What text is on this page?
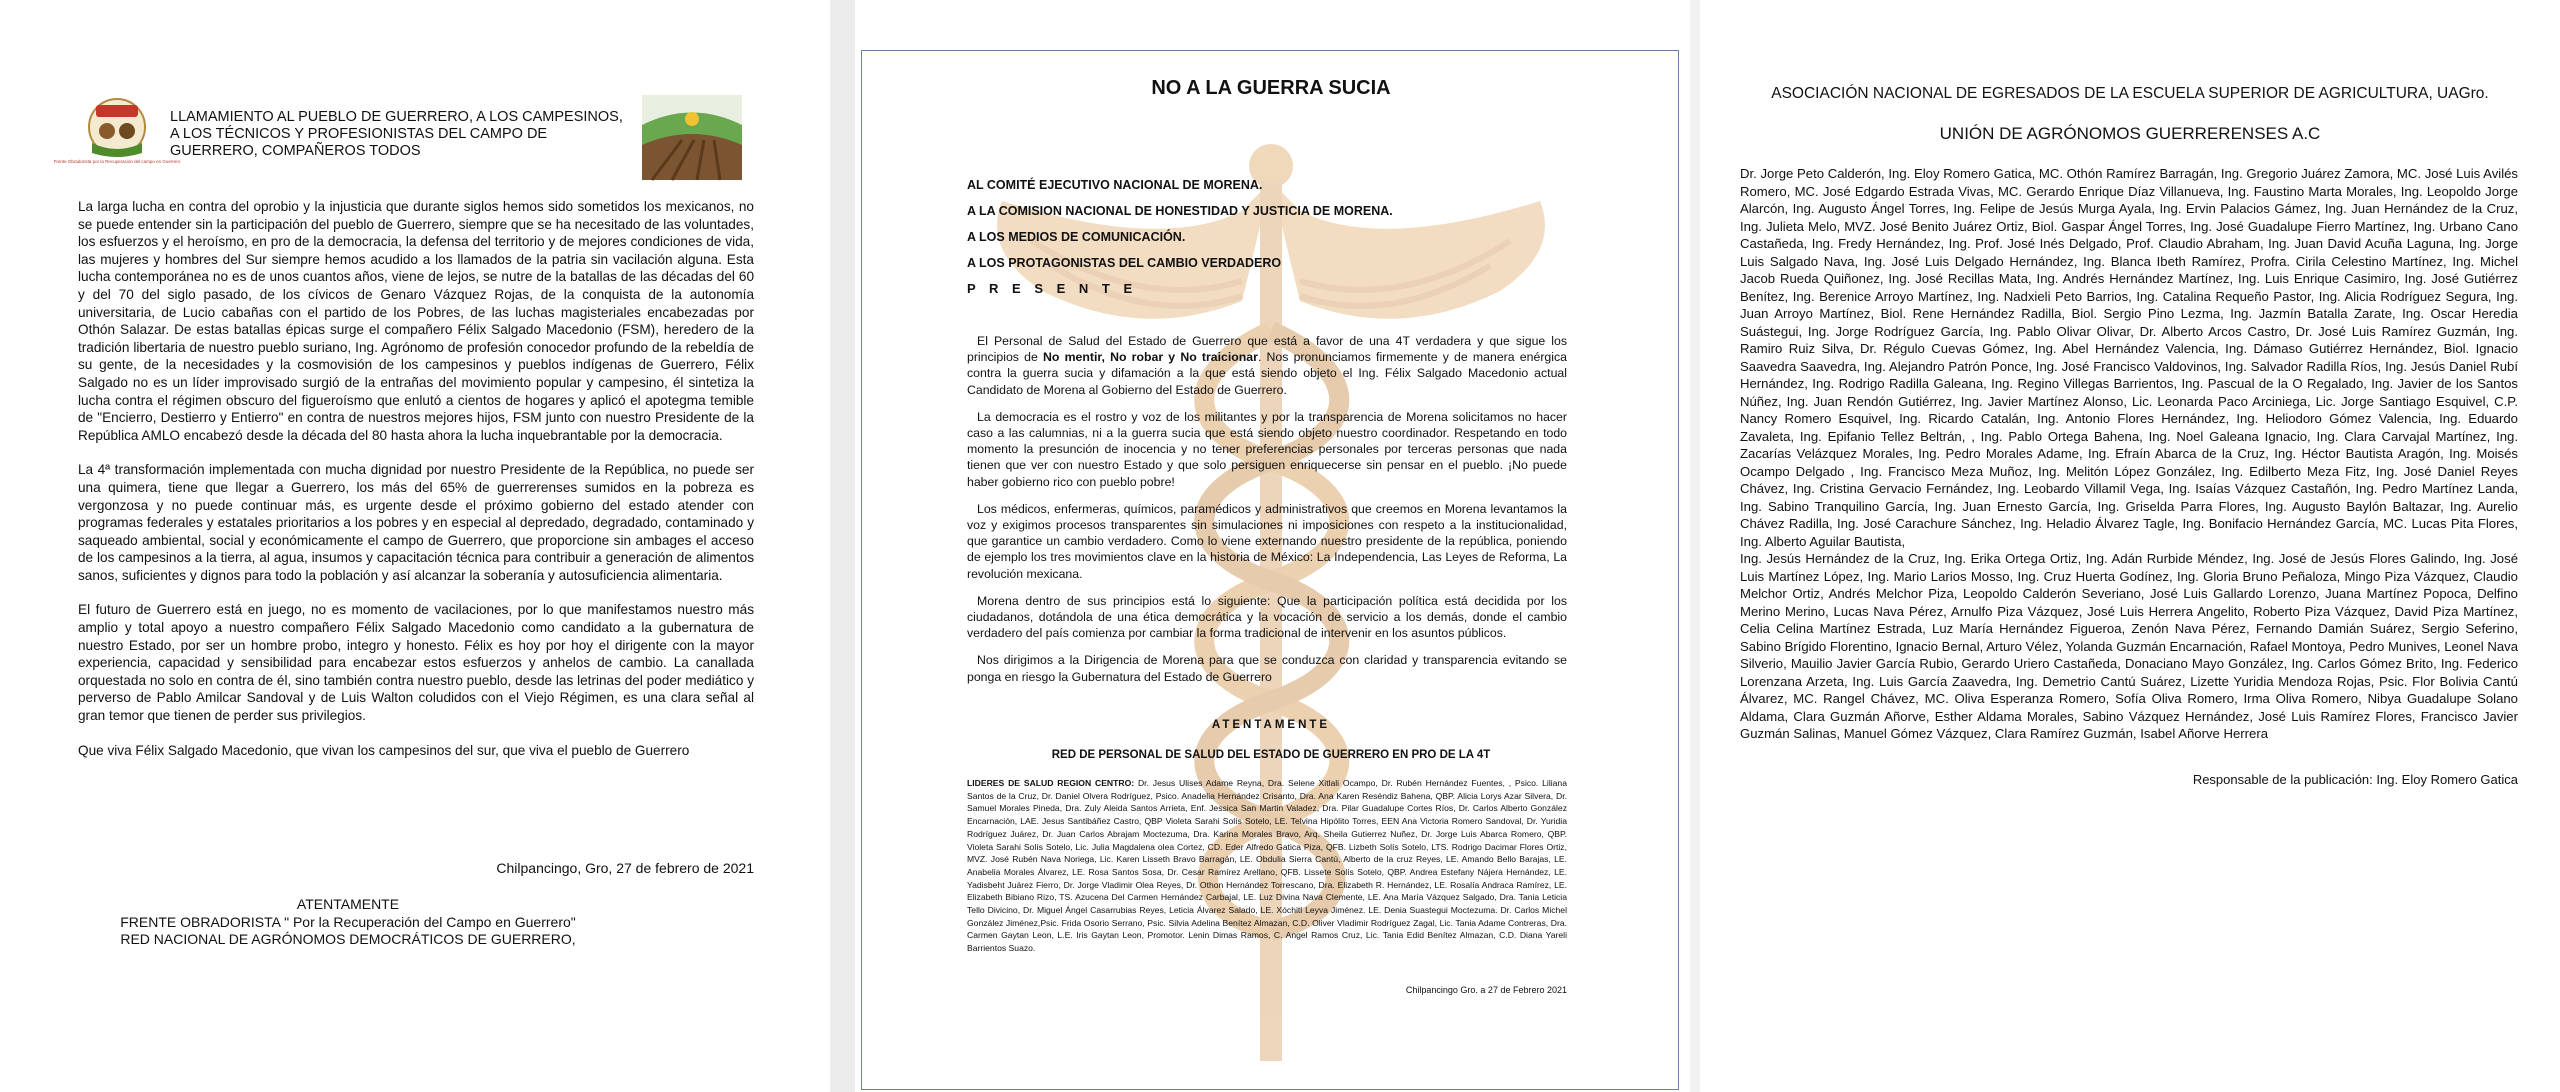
Frente Obradorista por la Recuperación del campo en Guerrero
LLAMAMIENTO AL PUEBLO DE GUERRERO, A LOS CAMPESINOS, A LOS TÉCNICOS Y PROFESIONISTAS DEL CAMPO DE GUERRERO, COMPAÑEROS TODOS

La larga lucha en contra del oprobio y la injusticia que durante siglos hemos sido sometidos los mexicanos, no se puede entender sin la participación del pueblo de Guerrero, siempre que se ha necesitado de las voluntades, los esfuerzos y el heroísmo, en pro de la democracia, la defensa del territorio y de mejores condiciones de vida, las mujeres y hombres del Sur siempre hemos acudido a los llamados de la patria sin vacilación alguna. Esta lucha contemporánea no es de unos cuantos años, viene de lejos, se nutre de la batallas de las décadas del 60 y del 70 del siglo pasado, de los cívicos de Genaro Vázquez Rojas, de la conquista de la autonomía universitaria, de Lucio cabañas con el partido de los Pobres, de las luchas magisteriales encabezadas por Othón Salazar. De estas batallas épicas surge el compañero Félix Salgado Macedonio (FSM), heredero de la tradición libertaria de nuestro pueblo suriano, Ing. Agrónomo de profesión conocedor profundo de la rebeldía de su gente, de la necesidades y la cosmovisión de los campesinos y pueblos indígenas de Guerrero, Félix Salgado no es un líder improvisado surgió de la entrañas del movimiento popular y campesino, él sintetiza la lucha contra el régimen obscuro del figueroísmo que enlutó a cientos de hogares y aplicó el apotegma temible de "Encierro, Destierro y Entierro" en contra de nuestros mejores hijos, FSM junto con nuestro Presidente de la República AMLO encabezó desde la década del 80 hasta ahora la lucha inquebrantable por la democracia.

La 4ª transformación implementada con mucha dignidad por nuestro Presidente de la República, no puede ser una quimera, tiene que llegar a Guerrero, los más del 65% de guerrerenses sumidos en la pobreza es vergonzosa y no puede continuar más, es urgente desde el próximo gobierno del estado atender con programas federales y estatales prioritarios a los pobres y en especial al depredado, degradado, contaminado y saqueado ambiental, social y económicamente el campo de Guerrero, que proporcione sin ambages el acceso de los campesinos a la tierra, al agua, insumos y capacitación técnica para contribuir a generación de alimentos sanos, suficientes y dignos para todo la población y así alcanzar la soberanía y autosuficiencia alimentaria.

El futuro de Guerrero está en juego, no es momento de vacilaciones, por lo que manifestamos nuestro más amplio y total apoyo a nuestro compañero Félix Salgado Macedonio como candidato a la gubernatura de nuestro Estado, por ser un hombre probo, integro y honesto. Félix es hoy por hoy el dirigente con la mayor experiencia, capacidad y sensibilidad para encabezar estos esfuerzos y anhelos de cambio. La canallada orquestada no solo en contra de él, sino también contra nuestro pueblo, desde las letrinas del poder mediático y perverso de Pablo Amilcar Sandoval y de Luis Walton coludidos con el Viejo Régimen, es una clara señal al gran temor que tienen de perder sus privilegios.

Que viva Félix Salgado Macedonio, que vivan los campesinos del sur, que viva el pueblo de Guerrero

Chilpancingo, Gro, 27 de febrero de 2021
ATENTAMENTE
FRENTE OBRADORISTA " Por la Recuperación del Campo en Guerrero"
RED NACIONAL DE AGRÓNOMOS DEMOCRÁTICOS DE GUERRERO,
NO A LA GUERRA SUCIA
AL COMITÉ EJECUTIVO NACIONAL DE MORENA.
A LA COMISION NACIONAL DE HONESTIDAD Y JUSTICIA DE MORENA.
A LOS MEDIOS DE COMUNICACIÓN.
A LOS PROTAGONISTAS DEL CAMBIO VERDADERO
P R E S E N T E

El Personal de Salud del Estado de Guerrero que está a favor de una 4T verdadera y que sigue los principios de No mentir, No robar y No traicionar. Nos pronunciamos firmemente y de manera enérgica contra la guerra sucia y difamación a la que está siendo objeto el Ing. Félix Salgado Macedonio actual Candidato de Morena al Gobierno del Estado de Guerrero.

La democracia es el rostro y voz de los militantes y por la transparencia de Morena solicitamos no hacer caso a las calumnias, ni a la guerra sucia que está siendo objeto nuestro coordinador. Respetando en todo momento la presunción de inocencia y no tener preferencias personales por terceras personas que nada tienen que ver con nuestro Estado y que solo persiguen enriquecerse sin pensar en el pueblo. ¡No puede haber gobierno rico con pueblo pobre!

Los médicos, enfermeras, químicos, paramédicos y administrativos que creemos en Morena levantamos la voz y exigimos procesos transparentes sin simulaciones ni imposiciones con respeto a la institucionalidad, que garantice un cambio verdadero. Como lo viene externando nuestro presidente de la república, poniendo de ejemplo los tres movimientos clave en la historia de México: La Independencia, Las Leyes de Reforma, La revolución mexicana.

Morena dentro de sus principios está lo siguiente: Que la participación política está decidida por los ciudadanos, dotándola de una ética democrática y la vocación de servicio a los demás, donde el cambio verdadero del país comienza por cambiar la forma tradicional de intervenir en los asuntos públicos.

Nos dirigimos a la Dirigencia de Morena para que se conduzca con claridad y transparencia evitando se ponga en riesgo la Gubernatura del Estado de Guerrero

ATENTAMENTE
RED DE PERSONAL DE SALUD DEL ESTADO DE GUERRERO EN PRO DE LA 4T
LIDERES DE SALUD REGION CENTRO: Dr. Jesus Ulises Adame Reyna, Dra. Selene Xitlali Ocampo, Dr. Rubén Hernández Fuentes, , Psico. Liliana Santos de la Cruz, Dr. Daniel Olvera Rodríguez, Psico. Anadelia Hernández Crisanto, Dra. Ana Karen Reséndiz Bahena, QBP. Alicia Lorys Azar Silvera, Dr. Samuel Morales Pineda, Dra. Zuly Aleida Santos Arrieta, Enf. Jessica San Martin Valadez, Dra. Pilar Guadalupe Cortes Ríos, Dr. Carlos Alberto González Encarnación, LAE. Jesus Santibáñez Castro, QBP Violeta Sarahi Solís Sotelo, LE. Telvina Hipólito Torres, EEN Ana Victoria Romero Sandoval, Dr. Yuridia Rodríguez Juárez, Dr. Juan Carlos Abrajam Moctezuma, Dra. Karina Morales Bravo, Arq. Sheila Gutierrez Nuñez, Dr. Jorge Luis Abarca Romero, QBP. Violeta Sarahi Solís Sotelo, Lic. Julia Magdalena olea Cortez, CD. Eder Alfredo Gatica Piza, QFB. Lizbeth Solís Sotelo, LTS. Rodrigo Dacimar Flores Ortiz, MVZ. José Rubén Nava Noriega, Lic. Karen Lisseth Bravo Barragán, LE. Obdulia Sierra Cantú, Alberto de la cruz Reyes, LE. Amando Bello Barajas, LE. Anabelia Morales Álvarez, LE. Rosa Santos Sosa, Dr. Cesar Ramírez Arellano, QFB. Lissete Solís Sotelo, QBP. Andrea Estefany Nájera Hernández, LE. Yadisbeht Juárez Fierro, Dr. Jorge Vladimir Olea Reyes, Dr. Othon Hernández Torrescano, Dra. Elizabeth R. Hernández, LE. Rosalía Andraca Ramírez, LE. Elizabeth Bibiano Rizo, TS. Azucena Del Carmen Hernández Carbajal, LE. Luz Divina Nava Clemente, LE. Ana María Vázquez Salgado, Dra. Tania Leticia Tello Divicino, Dr. Miguel Ángel Casarrubias Reyes, Leticia Álvarez Salado, LE. Xóchitl Leyva Jiménez. LE. Denia Suastegui Moctezuma. Dr. Carlos Michel González Jiménez,Psic. Frida Osorio Serrano, Psic. Silvia Adelina Benítez Almazan, C.D. Oliver Vladimir Rodríguez Zagal, Lic. Tania Adame Contreras, Dra. Carmen Gaytan Leon, L.E. Iris Gaytan Leon, Promotor. Lenin Dimas Ramos, C. Angel Ramos Cruz, Lic. Tania Edid Benítez Almazan, C.D. Diana Yareli Barrientos Suazo.
Chilpancingo Gro. a 27 de Febrero 2021
ASOCIACIÓN NACIONAL DE EGRESADOS DE LA ESCUELA SUPERIOR DE AGRICULTURA, UAGro.
UNIÓN DE AGRÓNOMOS GUERRERENSES A.C
Dr. Jorge Peto Calderón, Ing. Eloy Romero Gatica, MC. Othón Ramírez Barragán, Ing. Gregorio Juárez Zamora, MC. José Luis Avilés Romero, MC. José Edgardo Estrada Vivas, MC. Gerardo Enrique Díaz Villanueva, Ing. Faustino Marta Morales, Ing. Leopoldo Jorge Alarcón, Ing. Augusto Ángel Torres, Ing. Felipe de Jesús Murga Ayala, Ing. Ervin Palacios Gámez, Ing. Juan Hernández de la Cruz, Ing. Julieta Melo, MVZ. José Benito Juárez Ortiz, Biol. Gaspar Ángel Torres, Ing. José Guadalupe Fierro Martínez, Ing. Urbano Cano Castañeda, Ing. Fredy Hernández, Ing. Prof. José Inés Delgado, Prof. Claudio Abraham, Ing. Juan David Acuña Laguna, Ing. Jorge Luis Salgado Nava, Ing. José Luis Delgado Hernández, Ing. Blanca Ibeth Ramírez, Profra. Cirila Celestino Martínez, Ing. Michel Jacob Rueda Quiñonez, Ing. José Recillas Mata, Ing. Andrés Hernández Martínez, Ing. Luis Enrique Casimiro, Ing. José Gutiérrez Benítez, Ing. Berenice Arroyo Martínez, Ing. Nadxieli Peto Barrios, Ing. Catalina Requeño Pastor, Ing. Alicia Rodríguez Segura, Ing. Juan Arroyo Martínez, Biol. Rene Hernández Radilla, Biol. Sergio Pino Lezma, Ing. Jazmín Batalla Zarate, Ing. Oscar Heredia Suástegui, Ing. Jorge Rodríguez García, Ing. Pablo Olivar Olivar, Dr. Alberto Arcos Castro, Dr. José Luis Ramírez Guzmán, Ing. Ramiro Ruiz Silva, Dr. Régulo Cuevas Gómez, Ing. Abel Hernández Valencia, Ing. Dámaso Gutiérrez Hernández, Biol. Ignacio Saavedra Saavedra, Ing. Alejandro Patrón Ponce, Ing. José Francisco Valdovinos, Ing. Salvador Radilla Ríos, Ing. Jesús Daniel Rubí Hernández, Ing. Rodrigo Radilla Galeana, Ing. Regino Villegas Barrientos, Ing. Pascual de la O Regalado, Ing. Javier de los Santos Núñez, Ing. Juan Rendón Gutiérrez, Ing. Javier Martínez Alonso, Lic. Leonarda Paco Arciniega, Lic. Jorge Santiago Esquivel, C.P. Nancy Romero Esquivel, Ing. Ricardo Catalán, Ing. Antonio Flores Hernández, Ing. Heliodoro Gómez Valencia, Ing. Eduardo Zavaleta, Ing. Epifanio Tellez Beltrán, , Ing. Pablo Ortega Bahena, Ing. Noel Galeana Ignacio, Ing. Clara Carvajal Martínez, Ing. Zacarías Velázquez Morales, Ing. Pedro Morales Adame, Ing. Efraín Abarca de la Cruz, Ing. Héctor Bautista Aragón, Ing. Moisés Ocampo Delgado , Ing. Francisco Meza Muñoz, Ing. Melitón López González, Ing. Edilberto Meza Fitz, Ing. José Daniel Reyes Chávez, Ing. Cristina Gervacio Fernández, Ing. Leobardo Villamil Vega, Ing. Isaías Vázquez Castañón, Ing. Pedro Martínez Landa, Ing. Sabino Tranquilino García, Ing. Juan Ernesto García, Ing. Griselda Parra Flores, Ing. Augusto Baylón Baltazar, Ing. Aurelio Chávez Radilla, Ing. José Carachure Sánchez, Ing. Heladio Álvarez Tagle, Ing. Bonifacio Hernández García, MC. Lucas Pita Flores, Ing. Alberto Aguilar Bautista,
Ing. Jesús Hernández de la Cruz, Ing. Erika Ortega Ortiz, Ing. Adán Rurbide Méndez, Ing. José de Jesús Flores Galindo, Ing. José Luis Martínez López, Ing. Mario Larios Mosso, Ing. Cruz Huerta Godínez, Ing. Gloria Bruno Peñaloza, Mingo Piza Vázquez, Claudio Melchor Ortiz, Andrés Melchor Piza, Leopoldo Calderón Severiano, José Luis Gallardo Lorenzo, Juana Martínez Popoca, Delfino Merino Merino, Lucas Nava Pérez, Arnulfo Piza Vázquez, José Luis Herrera Angelito, Roberto Piza Vázquez, David Piza Martínez, Celia Celina Martínez Estrada, Luz María Hernández Figueroa, Zenón Nava Pérez, Fernando Damián Suárez, Sergio Seferino, Sabino Brígido Florentino, Ignacio Bernal, Arturo Vélez, Yolanda Guzmán Encarnación, Rafael Montoya, Pedro Munives, Leonel Nava Silverio, Mauilio Javier García Rubio, Gerardo Uriero Castañeda, Donaciano Mayo González, Ing. Carlos Gómez Brito, Ing. Federico Lorenzana Arzeta, Ing. Luis García Zaavedra, Ing. Demetrio Cantú Suárez, Lizette Yuridia Mendoza Rojas, Psic. Flor Bolivia Cantú Álvarez, MC. Rangel Chávez, MC. Oliva Esperanza Romero, Sofía Oliva Romero, Irma Oliva Romero, Nibya Guadalupe Solano Aldama, Clara Guzmán Añorve, Esther Aldama Morales, Sabino Vázquez Hernández, José Luis Ramírez Flores, Francisco Javier Guzmán Salinas, Manuel Gómez Vázquez, Clara Ramírez Guzmán, Isabel Añorve Herrera
Responsable de la publicación: Ing. Eloy Romero Gatica
